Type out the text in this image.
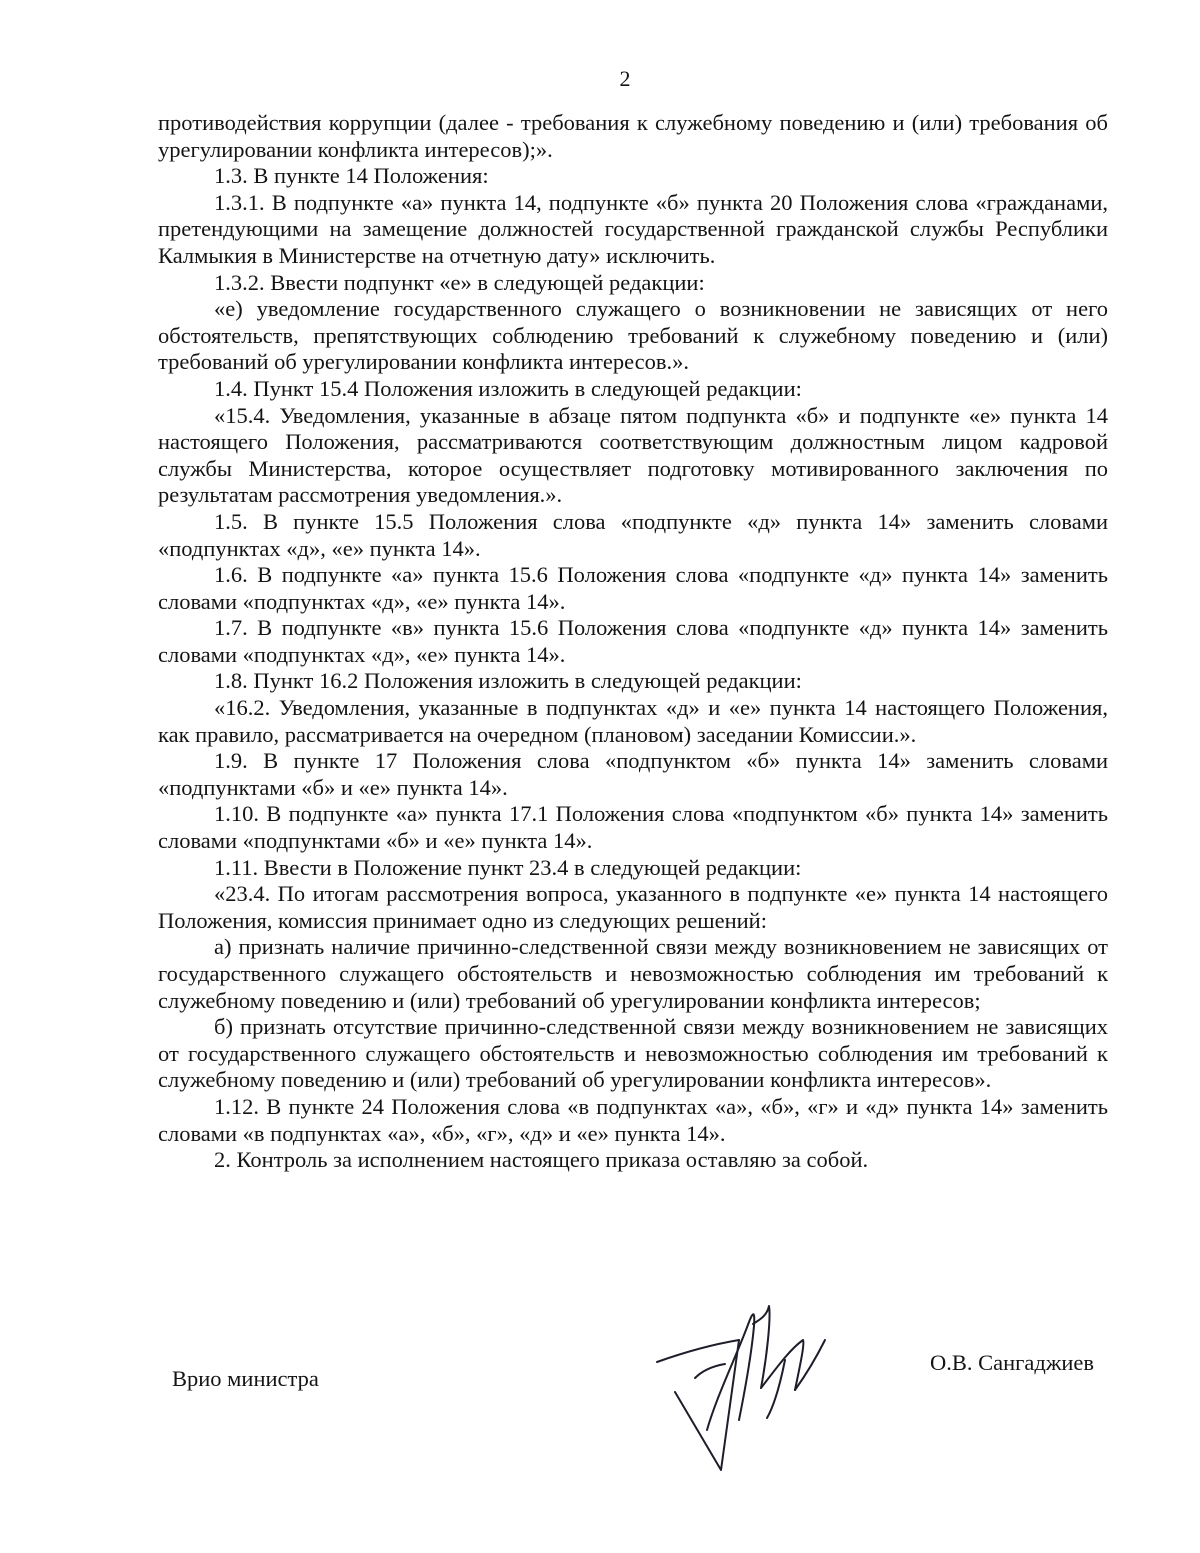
2

противодействия коррупции (далее - требования к служебному поведению и (или) требования об урегулировании конфликта интересов);».

1.3. В пункте 14 Положения:

1.3.1. В подпункте «а» пункта 14, подпункте «б» пункта 20 Положения слова «гражданами, претендующими на замещение должностей государственной гражданской службы Республики Калмыкия в Министерстве на отчетную дату» исключить.

1.3.2. Ввести подпункт «е» в следующей редакции:

«е) уведомление государственного служащего о возникновении не зависящих от него обстоятельств, препятствующих соблюдению требований к служебному поведению и (или) требований об урегулировании конфликта интересов.».

1.4. Пункт 15.4 Положения изложить в следующей редакции:

«15.4. Уведомления, указанные в абзаце пятом подпункта «б» и подпункте «е» пункта 14 настоящего Положения, рассматриваются соответствующим должностным лицом кадровой службы Министерства, которое осуществляет подготовку мотивированного заключения по результатам рассмотрения уведомления.».

1.5. В пункте 15.5 Положения слова «подпункте «д» пункта 14» заменить словами «подпунктах «д», «е» пункта 14».

1.6. В подпункте «а» пункта 15.6 Положения слова «подпункте «д» пункта 14» заменить словами «подпунктах «д», «е» пункта 14».

1.7. В подпункте «в» пункта 15.6 Положения слова «подпункте «д» пункта 14» заменить словами «подпунктах «д», «е» пункта 14».

1.8. Пункт 16.2 Положения изложить в следующей редакции:

«16.2. Уведомления, указанные в подпунктах «д» и «е» пункта 14 настоящего Положения, как правило, рассматривается на очередном (плановом) заседании Комиссии.».

1.9. В пункте 17 Положения слова «подпунктом «б» пункта 14» заменить словами «подпунктами «б» и «е» пункта 14».

1.10. В подпункте «а» пункта 17.1 Положения слова «подпунктом «б» пункта 14» заменить словами «подпунктами «б» и «е» пункта 14».

1.11. Ввести в Положение пункт 23.4 в следующей редакции:

«23.4. По итогам рассмотрения вопроса, указанного в подпункте «е» пункта 14 настоящего Положения, комиссия принимает одно из следующих решений:

а) признать наличие причинно-следственной связи между возникновением не зависящих от государственного служащего обстоятельств и невозможностью соблюдения им требований к служебному поведению и (или) требований об урегулировании конфликта интересов;

б) признать отсутствие причинно-следственной связи между возникновением не зависящих от государственного служащего обстоятельств и невозможностью соблюдения им требований к служебному поведению и (или) требований об урегулировании конфликта интересов».

1.12. В пункте 24 Положения слова «в подпунктах «а», «б», «г» и «д» пункта 14» заменить словами «в подпунктах «а», «б», «г», «д» и «е» пункта 14».

2. Контроль за исполнением настоящего приказа оставляю за собой.

Врио министра
О.В. Сангаджиев
